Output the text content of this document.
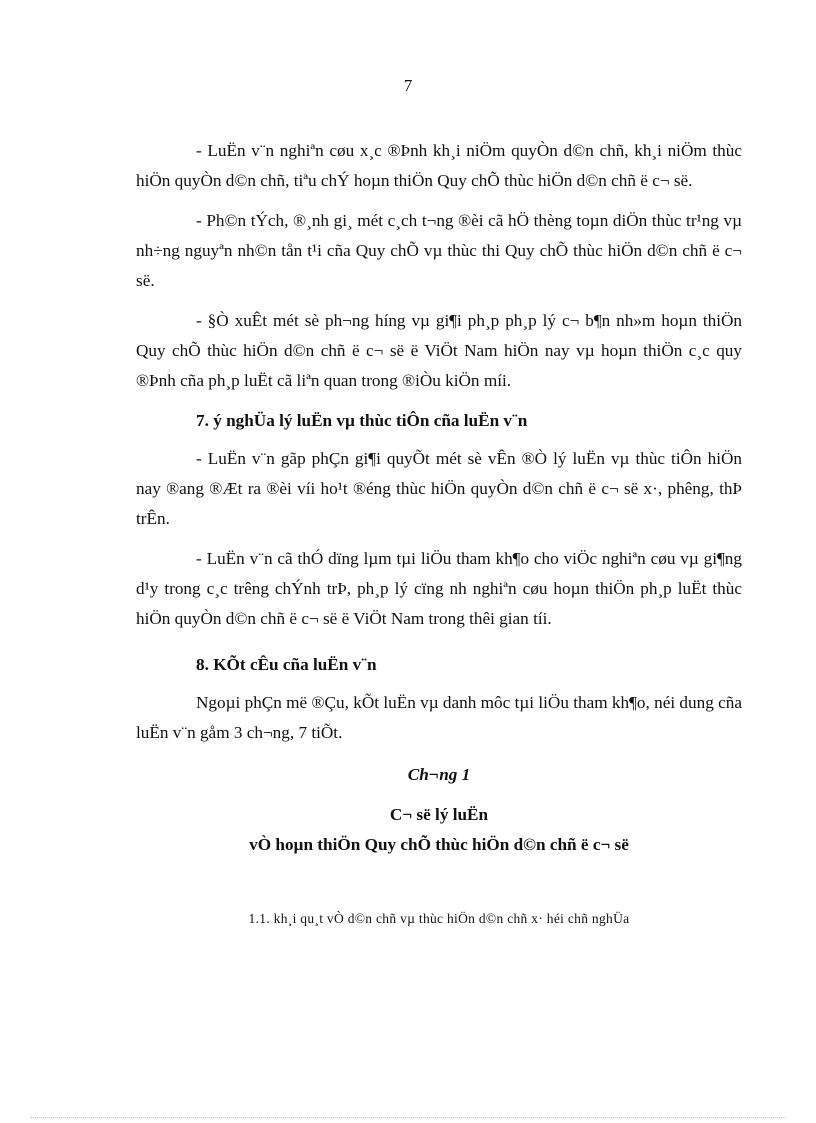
7

- LuËn v¨n nghiªn cøu x¸c ®Þnh kh¸i niÖm quyÒn d©n chñ, kh¸i niÖm thùc hiÖn quyÒn d©n chñ, tiªu chÝ hoµn thiÖn Quy chÕ thùc hiÖn d©n chñ ë c¬ së.

- Ph©n tÝch, ®¸nh gi¸ mét c¸ch t¬ng ®èi cã hÖ thèng toµn diÖn thùc tr¹ng vµ nh÷ng nguyªn nh©n tån t¹i cña Quy chÕ vµ thùc thi Quy chÕ thùc hiÖn d©n chñ ë c¬ së.

- §Ò xuÊt mét sè ph¬ng híng vµ gi¶i ph¸p ph¸p lý c¬ b¶n nh»m hoµn thiÖn Quy chÕ thùc hiÖn d©n chñ ë c¬ së ë ViÖt Nam hiÖn nay vµ hoµn thiÖn c¸c quy ®Þnh cña ph¸p luËt cã liªn quan trong ®iÒu kiÖn míi.

7. ý nghÜa lý luËn vµ thùc tiÔn cña luËn v¨n

- LuËn v¨n gãp phÇn gi¶i quyÕt mét sè vÊn ®Ò lý luËn vµ thùc tiÔn hiÖn nay ®ang ®Æt ra ®èi víi ho¹t ®éng thùc hiÖn quyÒn d©n chñ ë c¬ së x·, phêng, thÞ trÊn.

- LuËn v¨n cã thÓ dïng lµm tµi liÖu tham kh¶o cho viÖc nghiªn cøu vµ gi¶ng d¹y trong c¸c trêng chÝnh trÞ, ph¸p lý cïng nh nghiªn cøu hoµn thiÖn ph¸p luËt thùc hiÖn quyÒn d©n chñ ë c¬ së ë ViÖt Nam trong thêi gian tíi.

8. KÕt cÊu cña luËn v¨n

Ngoµi phÇn më ®Çu, kÕt luËn vµ danh môc tµi liÖu tham kh¶o, néi dung cña luËn v¨n gåm 3 ch¬ng, 7 tiÕt.

Ch¬ng 1

C¬ së lý luËn

vÒ hoµn thiÖn Quy chÕ thùc hiÖn d©n chñ ë c¬ së

1.1. kh¸i qu¸t vÒ d©n chñ vµ thùc hiÖn d©n chñ x· héi chñ nghÜa
